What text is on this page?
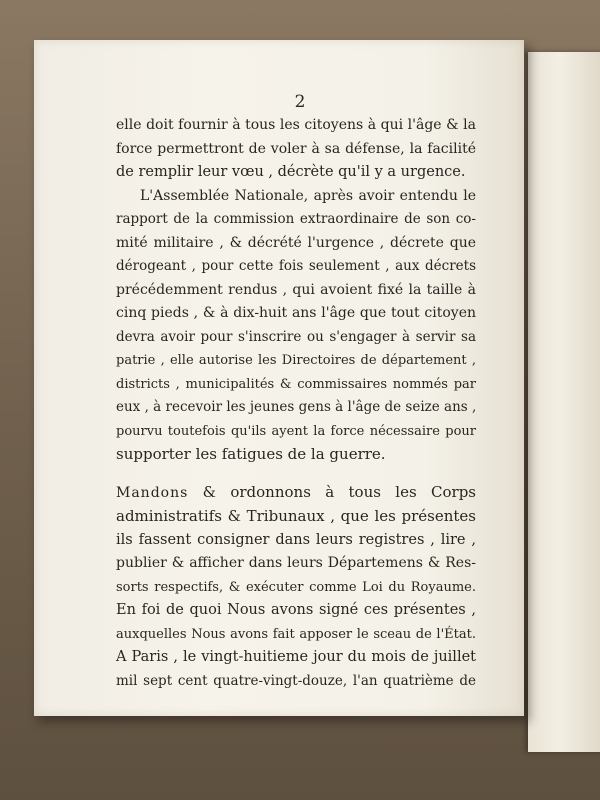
2
elle doit fournir à tous les citoyens à qui l'âge & la
force permettront de voler à sa défense, la facilité
de remplir leur vœu , décrète qu'il y a urgence.
L'Assemblée Nationale, après avoir entendu le
rapport de la commission extraordinaire de son co-
mité militaire , & décrété l'urgence , décrete que
dérogeant , pour cette fois seulement , aux décrets
précédemment rendus , qui avoient fixé la taille à
cinq pieds , & à dix-huit ans l'âge que tout citoyen
devra avoir pour s'inscrire ou s'engager à servir sa
patrie , elle autorise les Directoires de département ,
districts , municipalités & commissaires nommés par
eux , à recevoir les jeunes gens à l'âge de seize ans ,
pourvu toutefois qu'ils ayent la force nécessaire pour
supporter les fatigues de la guerre.
Mandons & ordonnons à tous les Corps
administratifs & Tribunaux , que les présentes
ils fassent consigner dans leurs registres , lire ,
publier & afficher dans leurs Départemens & Res-
sorts respectifs, & exécuter comme Loi du Royaume.
En foi de quoi Nous avons signé ces présentes ,
auxquelles Nous avons fait apposer le sceau de l'État.
A Paris , le vingt-huitieme jour du mois de juillet
mil sept cent quatre-vingt-douze, l'an quatrième de
